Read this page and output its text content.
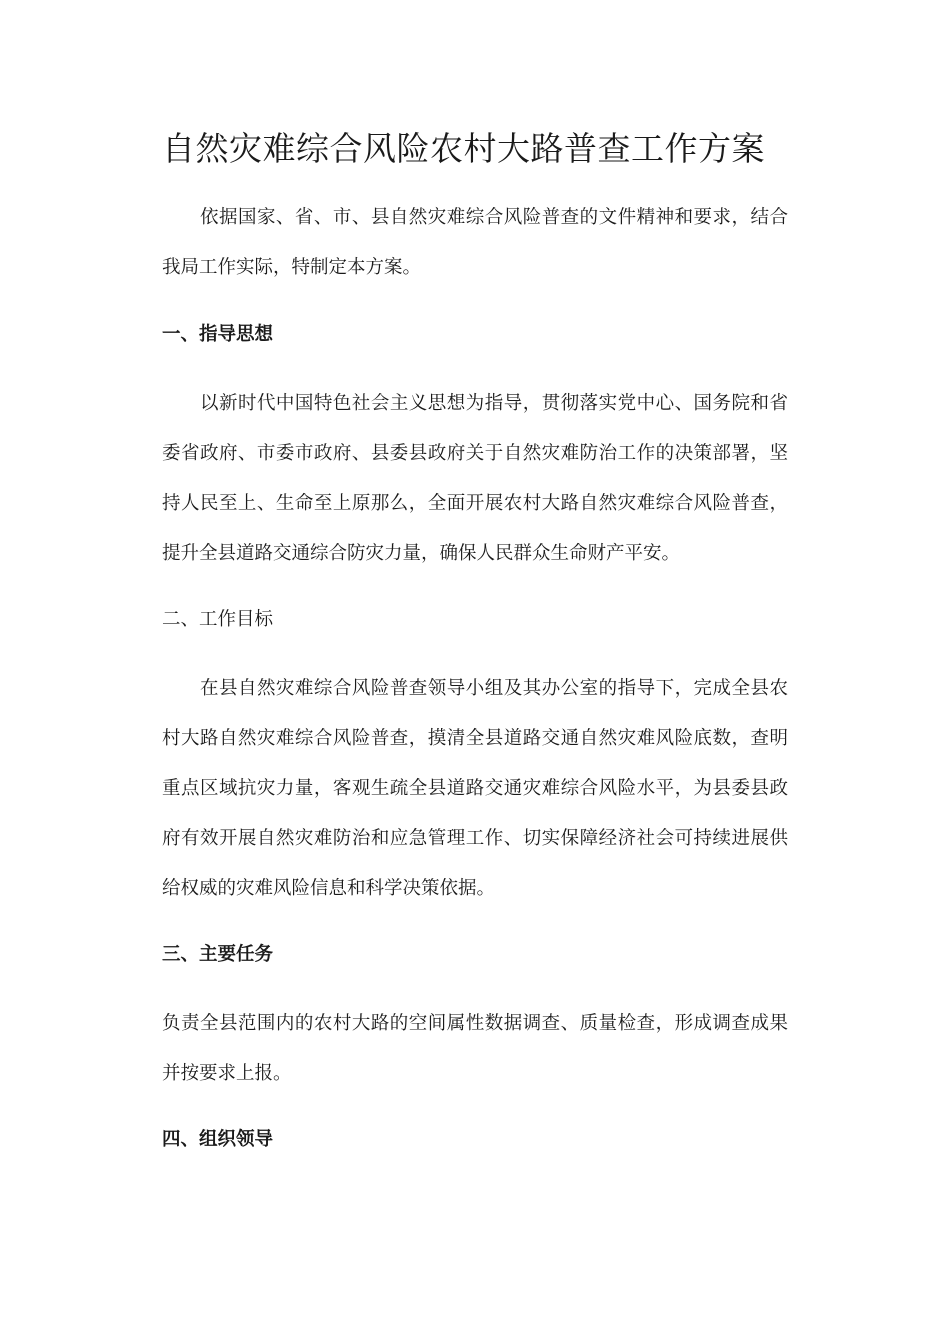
自然灾难综合风险农村大路普查工作方案

依据国家、省、市、县自然灾难综合风险普查的文件精神和要求，结合我局工作实际，特制定本方案。

一、指导思想

以新时代中国特色社会主义思想为指导，贯彻落实党中心、国务院和省委省政府、市委市政府、县委县政府关于自然灾难防治工作的决策部署，坚持人民至上、生命至上原那么，全面开展农村大路自然灾难综合风险普查，提升全县道路交通综合防灾力量，确保人民群众生命财产平安。

二、工作目标

在县自然灾难综合风险普查领导小组及其办公室的指导下，完成全县农村大路自然灾难综合风险普查，摸清全县道路交通自然灾难风险底数，查明重点区域抗灾力量，客观生疏全县道路交通灾难综合风险水平，为县委县政府有效开展自然灾难防治和应急管理工作、切实保障经济社会可持续进展供给权威的灾难风险信息和科学决策依据。

三、主要任务

负责全县范围内的农村大路的空间属性数据调查、质量检查，形成调查成果并按要求上报。

四、组织领导
